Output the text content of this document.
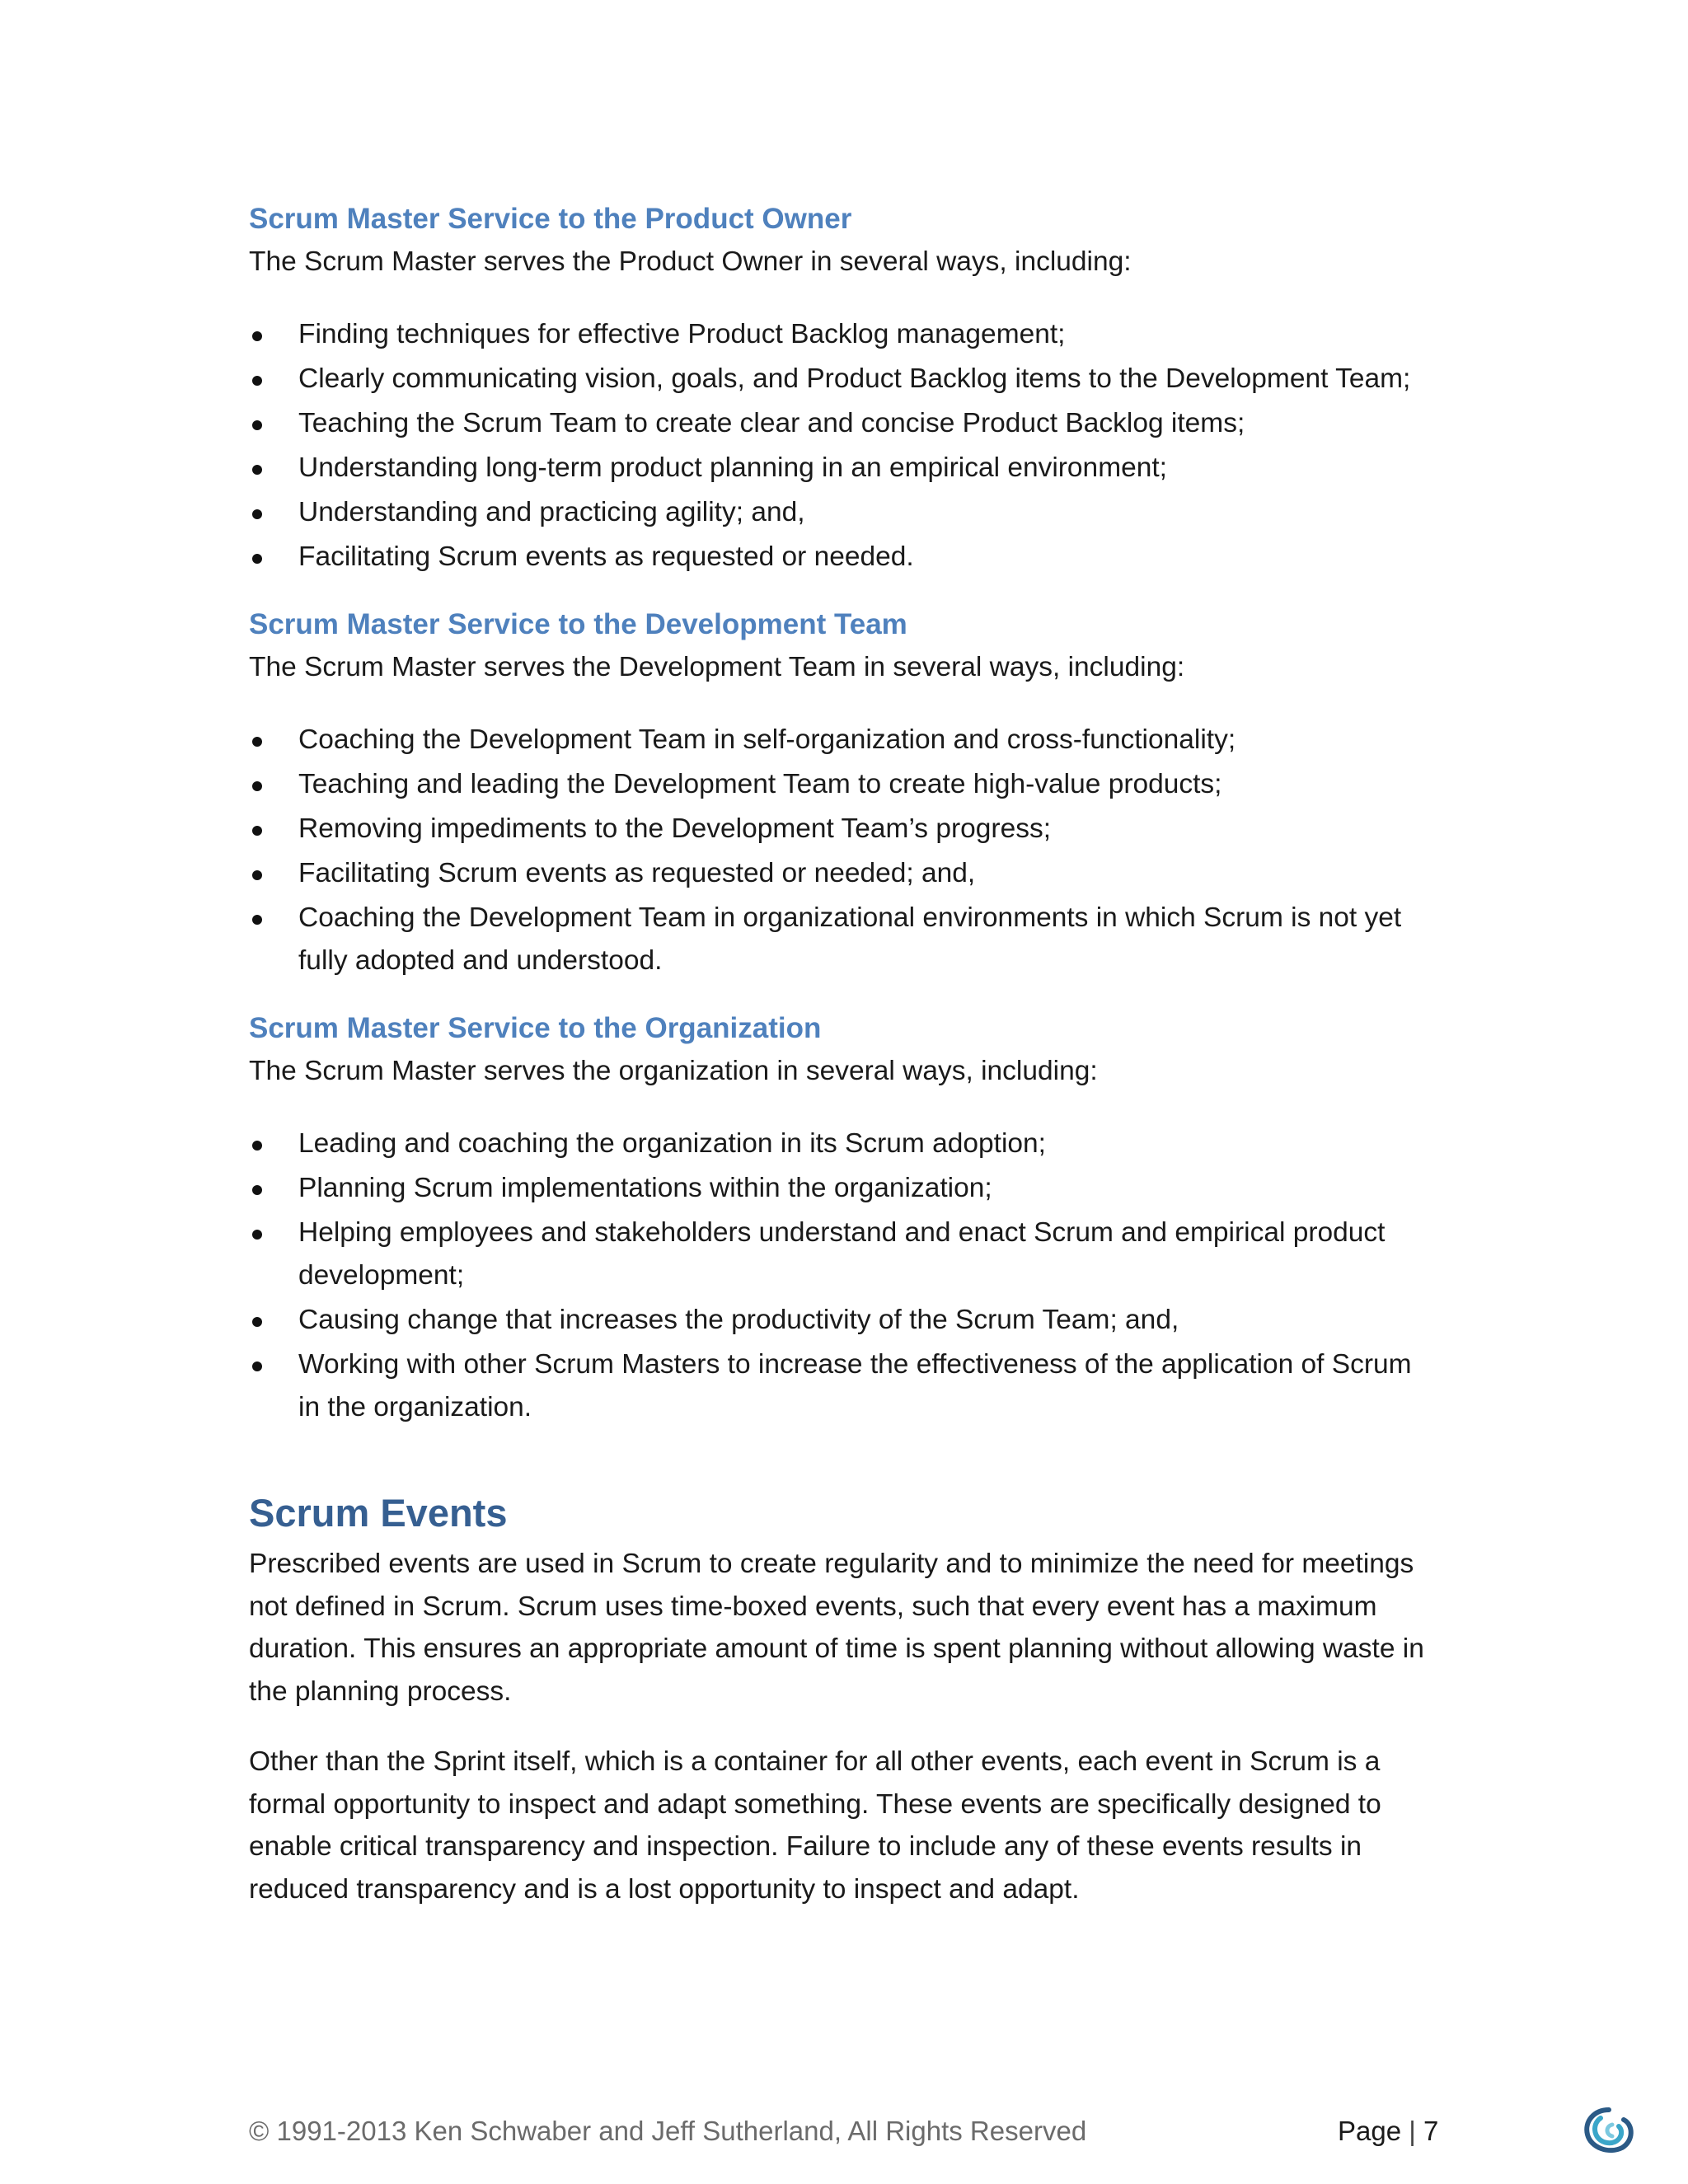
Scrum Master Service to the Product Owner

The Scrum Master serves the Product Owner in several ways, including:

Finding techniques for effective Product Backlog management;
Clearly communicating vision, goals, and Product Backlog items to the Development Team;
Teaching the Scrum Team to create clear and concise Product Backlog items;
Understanding long-term product planning in an empirical environment;
Understanding and practicing agility; and,
Facilitating Scrum events as requested or needed.
Scrum Master Service to the Development Team

The Scrum Master serves the Development Team in several ways, including:

Coaching the Development Team in self-organization and cross-functionality;
Teaching and leading the Development Team to create high-value products;
Removing impediments to the Development Team’s progress;
Facilitating Scrum events as requested or needed; and,
Coaching the Development Team in organizational environments in which Scrum is not yet fully adopted and understood.
Scrum Master Service to the Organization

The Scrum Master serves the organization in several ways, including:

Leading and coaching the organization in its Scrum adoption;
Planning Scrum implementations within the organization;
Helping employees and stakeholders understand and enact Scrum and empirical product development;
Causing change that increases the productivity of the Scrum Team; and,
Working with other Scrum Masters to increase the effectiveness of the application of Scrum in the organization.
Scrum Events

Prescribed events are used in Scrum to create regularity and to minimize the need for meetings not defined in Scrum. Scrum uses time-boxed events, such that every event has a maximum duration. This ensures an appropriate amount of time is spent planning without allowing waste in the planning process.

Other than the Sprint itself, which is a container for all other events, each event in Scrum is a formal opportunity to inspect and adapt something. These events are specifically designed to enable critical transparency and inspection. Failure to include any of these events results in reduced transparency and is a lost opportunity to inspect and adapt.

© 1991-2013 Ken Schwaber and Jeff Sutherland, All Rights Reserved	Page | 7
